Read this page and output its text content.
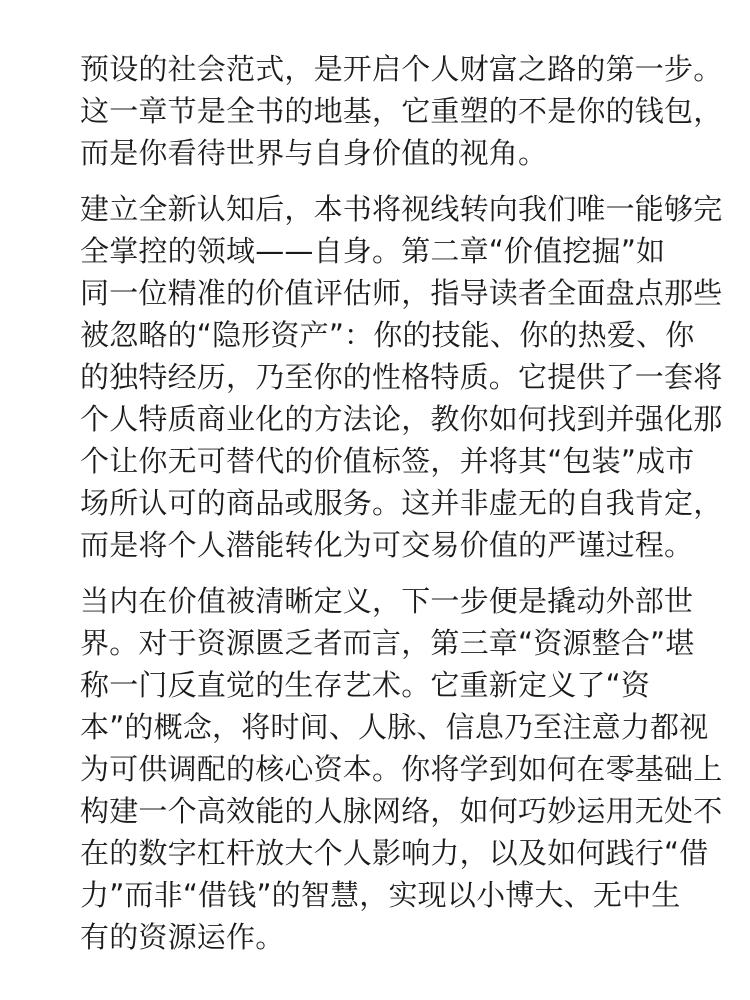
预设的社会范式，是开启个人财富之路的第一步。
这一章节是全书的地基，它重塑的不是你的钱包，
而是你看待世界与自身价值的视角。
建立全新认知后，本书将视线转向我们唯一能够完
全掌控的领域——自身。第二章“价值挖掘”如
同一位精准的价值评估师，指导读者全面盘点那些
被忽略的“隐形资产”：你的技能、你的热爱、你
的独特经历，乃至你的性格特质。它提供了一套将
个人特质商业化的方法论，教你如何找到并强化那
个让你无可替代的价值标签，并将其“包装”成市
场所认可的商品或服务。这并非虚无的自我肯定，
而是将个人潜能转化为可交易价值的严谨过程。
当内在价值被清晰定义，下一步便是撬动外部世
界。对于资源匮乏者而言，第三章“资源整合”堪
称一门反直觉的生存艺术。它重新定义了“资
本”的概念，将时间、人脉、信息乃至注意力都视
为可供调配的核心资本。你将学到如何在零基础上
构建一个高效能的人脉网络，如何巧妙运用无处不
在的数字杠杆放大个人影响力，以及如何践行“借
力”而非“借钱”的智慧，实现以小博大、无中生
有的资源运作。
